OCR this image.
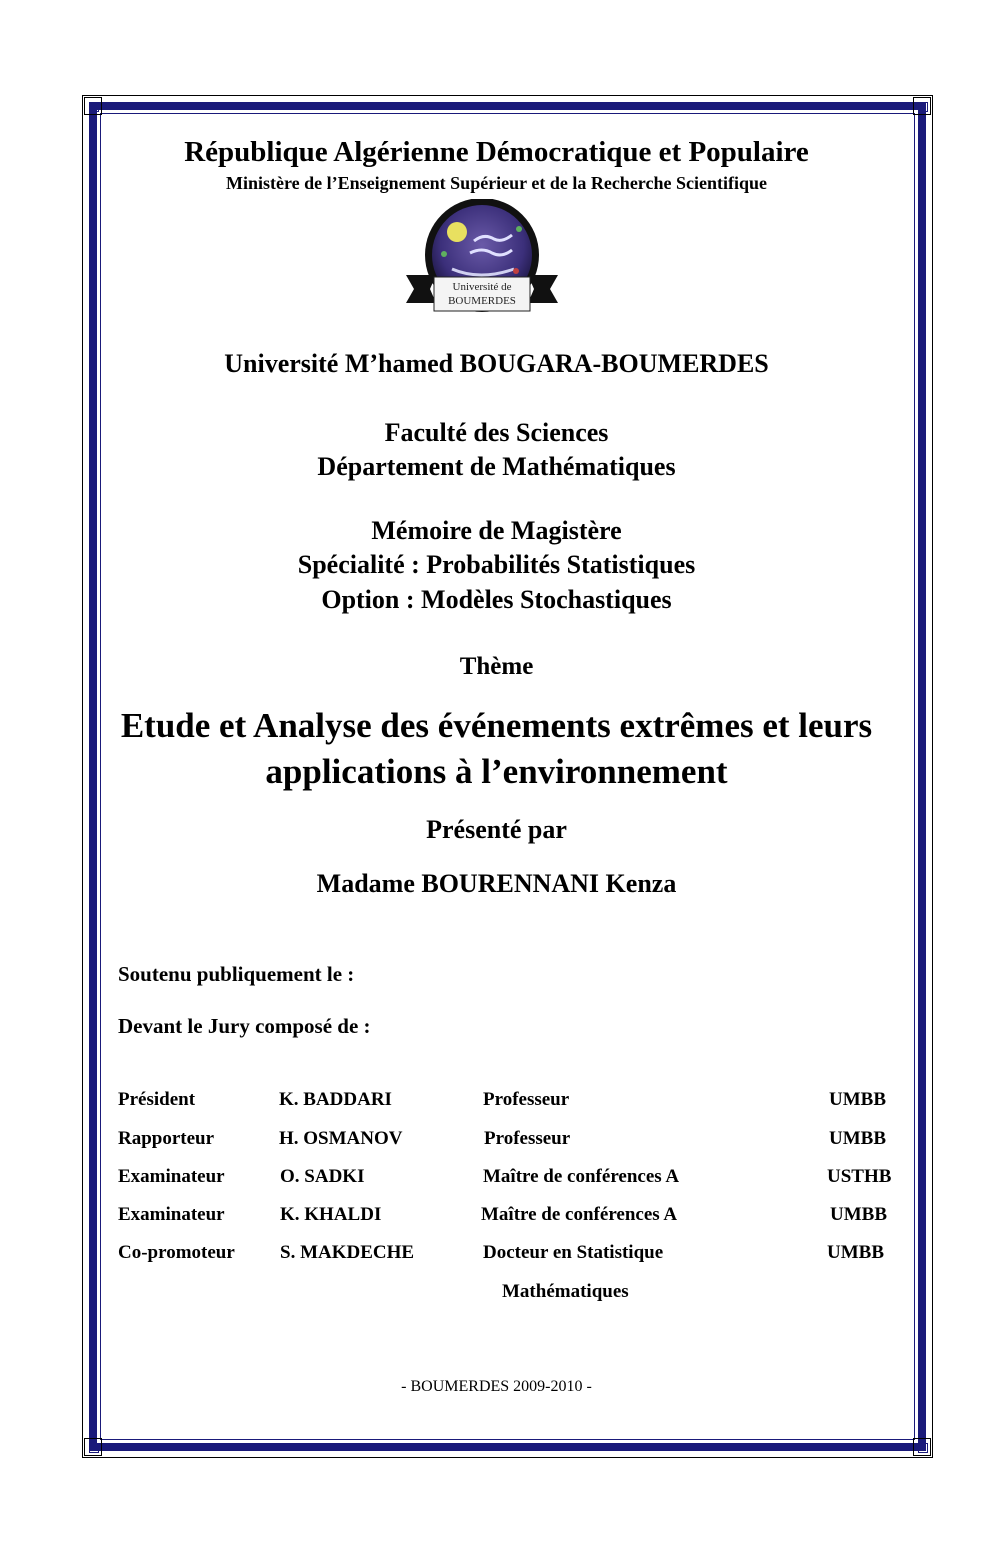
République Algérienne Démocratique et Populaire
Ministère de l’Enseignement Supérieur et de la Recherche Scientifique
Université de
BOUMERDES
Université M’hamed BOUGARA-BOUMERDES
Faculté des Sciences
Département de Mathématiques
Mémoire de Magistère
Spécialité : Probabilités Statistiques
Option : Modèles Stochastiques
Thème
Etude et Analyse des événements extrêmes et leurs
applications à l’environnement
Présenté par
Madame BOURENNANI Kenza
Soutenu publiquement le :
Devant le Jury composé de :
Président	K. BADDARI	Professeur	UMBB
Rapporteur	H. OSMANOV	Professeur	UMBB
Examinateur	O. SADKI	Maître de conférences A	USTHB
Examinateur	K. KHALDI	Maître de conférences A	UMBB
Co-promoteur S. MAKDECHE	Docteur en Statistique	UMBB
Mathématiques
- BOUMERDES 2009-2010 -
